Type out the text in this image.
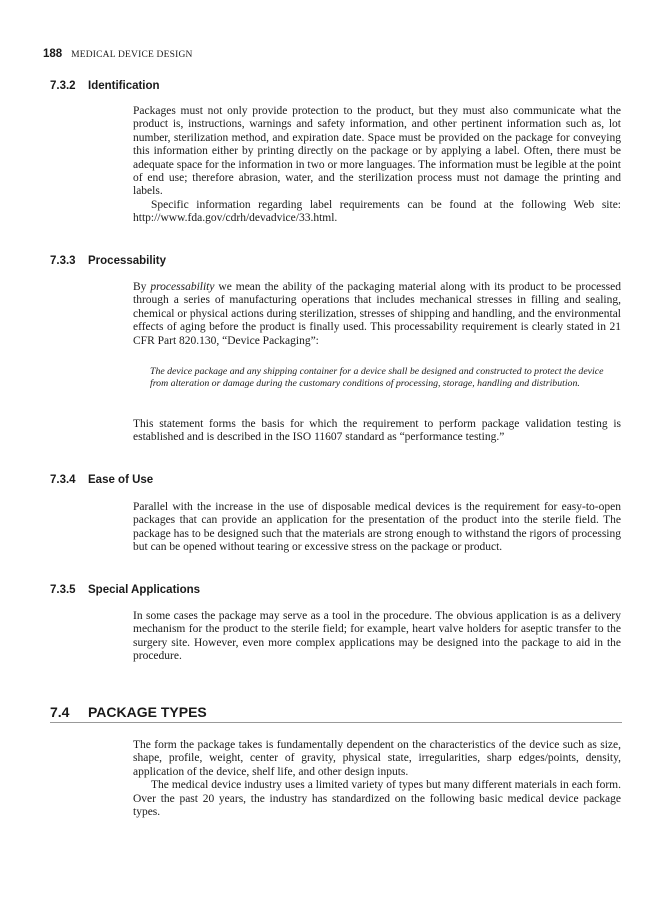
188 MEDICAL DEVICE DESIGN
7.3.2 Identification

Packages must not only provide protection to the product, but they must also communicate what the product is, instructions, warnings and safety information, and other pertinent information such as, lot number, sterilization method, and expiration date. Space must be provided on the package for conveying this information either by printing directly on the package or by applying a label. Often, there must be adequate space for the information in two or more languages. The information must be legible at the point of end use; therefore abrasion, water, and the sterilization process must not damage the printing and labels.

Specific information regarding label requirements can be found at the following Web site: http://www.fda.gov/cdrh/devadvice/33.html.

7.3.3 Processability

By processability we mean the ability of the packaging material along with its product to be processed through a series of manufacturing operations that includes mechanical stresses in filling and sealing, chemical or physical actions during sterilization, stresses of shipping and handling, and the environmental effects of aging before the product is finally used. This processability requirement is clearly stated in 21 CFR Part 820.130, “Device Packaging”:

The device package and any shipping container for a device shall be designed and constructed to protect the device from alteration or damage during the customary conditions of processing, storage, handling and distribution.

This statement forms the basis for which the requirement to perform package validation testing is established and is described in the ISO 11607 standard as “performance testing.”

7.3.4 Ease of Use

Parallel with the increase in the use of disposable medical devices is the requirement for easy-to-open packages that can provide an application for the presentation of the product into the sterile field. The package has to be designed such that the materials are strong enough to withstand the rigors of processing but can be opened without tearing or excessive stress on the package or product.

7.3.5 Special Applications

In some cases the package may serve as a tool in the procedure. The obvious application is as a delivery mechanism for the product to the sterile field; for example, heart valve holders for aseptic transfer to the surgery site. However, even more complex applications may be designed into the package to aid in the procedure.

7.4 PACKAGE TYPES

The form the package takes is fundamentally dependent on the characteristics of the device such as size, shape, profile, weight, center of gravity, physical state, irregularities, sharp edges/points, density, application of the device, shelf life, and other design inputs.

The medical device industry uses a limited variety of types but many different materials in each form. Over the past 20 years, the industry has standardized on the following basic medical device package types.
